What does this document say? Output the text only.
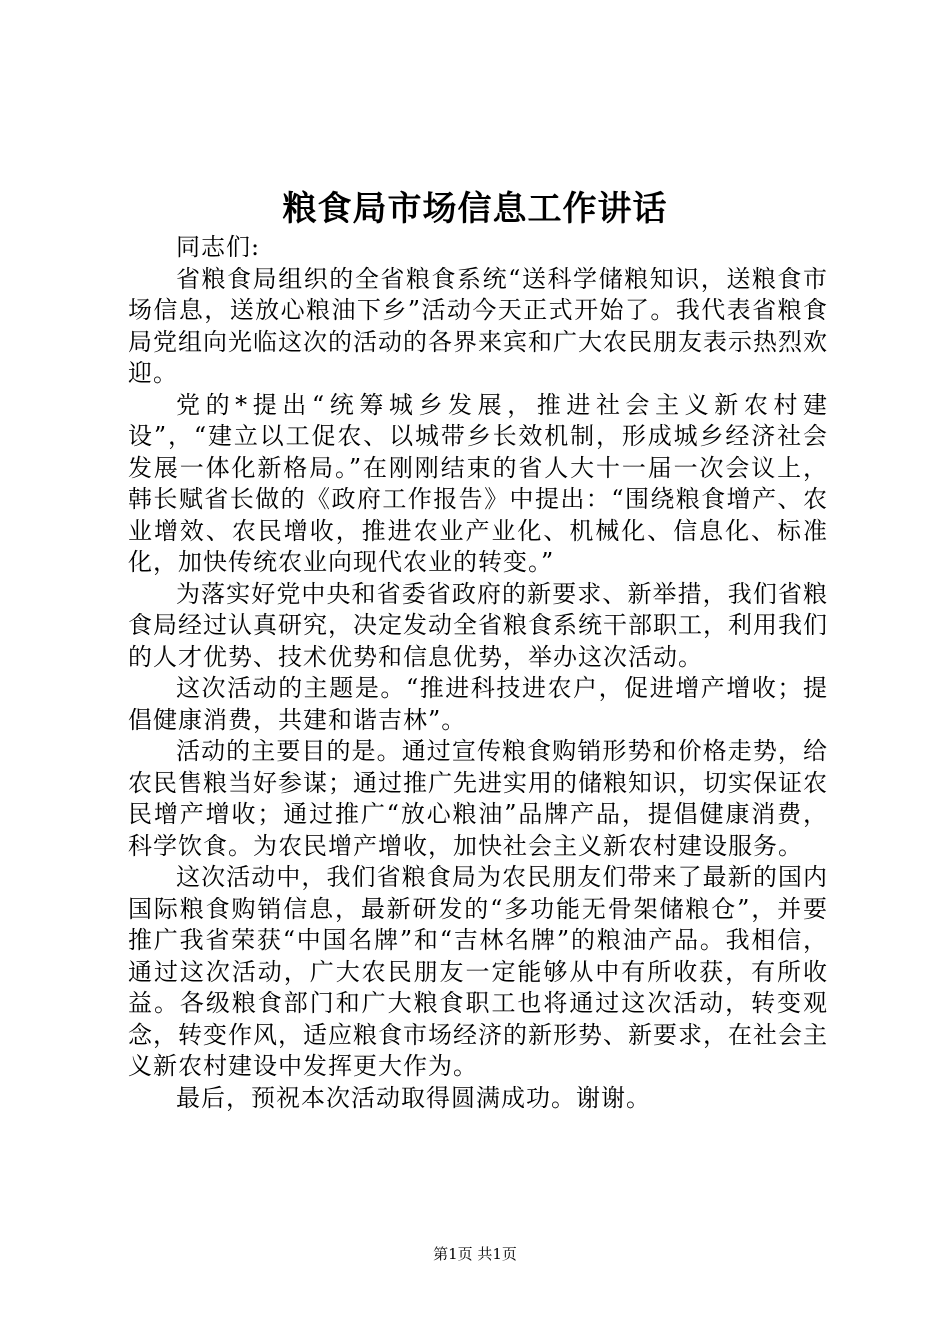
粮食局市场信息工作讲话

同志们:

省粮食局组织的全省粮食系统“送科学储粮知识，送粮食市场信息，送放心粮油下乡”活动今天正式开始了。我代表省粮食局党组向光临这次的活动的各界来宾和广大农民朋友表示热烈欢迎。

党的*提出“统筹城乡发展，推进社会主义新农村建设”，“建立以工促农、以城带乡长效机制，形成城乡经济社会发展一体化新格局。”在刚刚结束的省人大十一届一次会议上，韩长赋省长做的《政府工作报告》中提出：“围绕粮食增产、农业增效、农民增收，推进农业产业化、机械化、信息化、标准化，加快传统农业向现代农业的转变。”

为落实好党中央和省委省政府的新要求、新举措，我们省粮食局经过认真研究，决定发动全省粮食系统干部职工，利用我们的人才优势、技术优势和信息优势，举办这次活动。

这次活动的主题是。“推进科技进农户，促进增产增收；提倡健康消费，共建和谐吉林”。

活动的主要目的是。通过宣传粮食购销形势和价格走势，给农民售粮当好参谋；通过推广先进实用的储粮知识，切实保证农民增产增收；通过推广“放心粮油”品牌产品，提倡健康消费，科学饮食。为农民增产增收，加快社会主义新农村建设服务。

这次活动中，我们省粮食局为农民朋友们带来了最新的国内国际粮食购销信息，最新研发的“多功能无骨架储粮仓”，并要推广我省荣获“中国名牌”和“吉林名牌”的粮油产品。我相信，通过这次活动，广大农民朋友一定能够从中有所收获，有所收益。各级粮食部门和广大粮食职工也将通过这次活动，转变观念，转变作风，适应粮食市场经济的新形势、新要求，在社会主义新农村建设中发挥更大作为。

最后，预祝本次活动取得圆满成功。谢谢。

第1页 共1页
